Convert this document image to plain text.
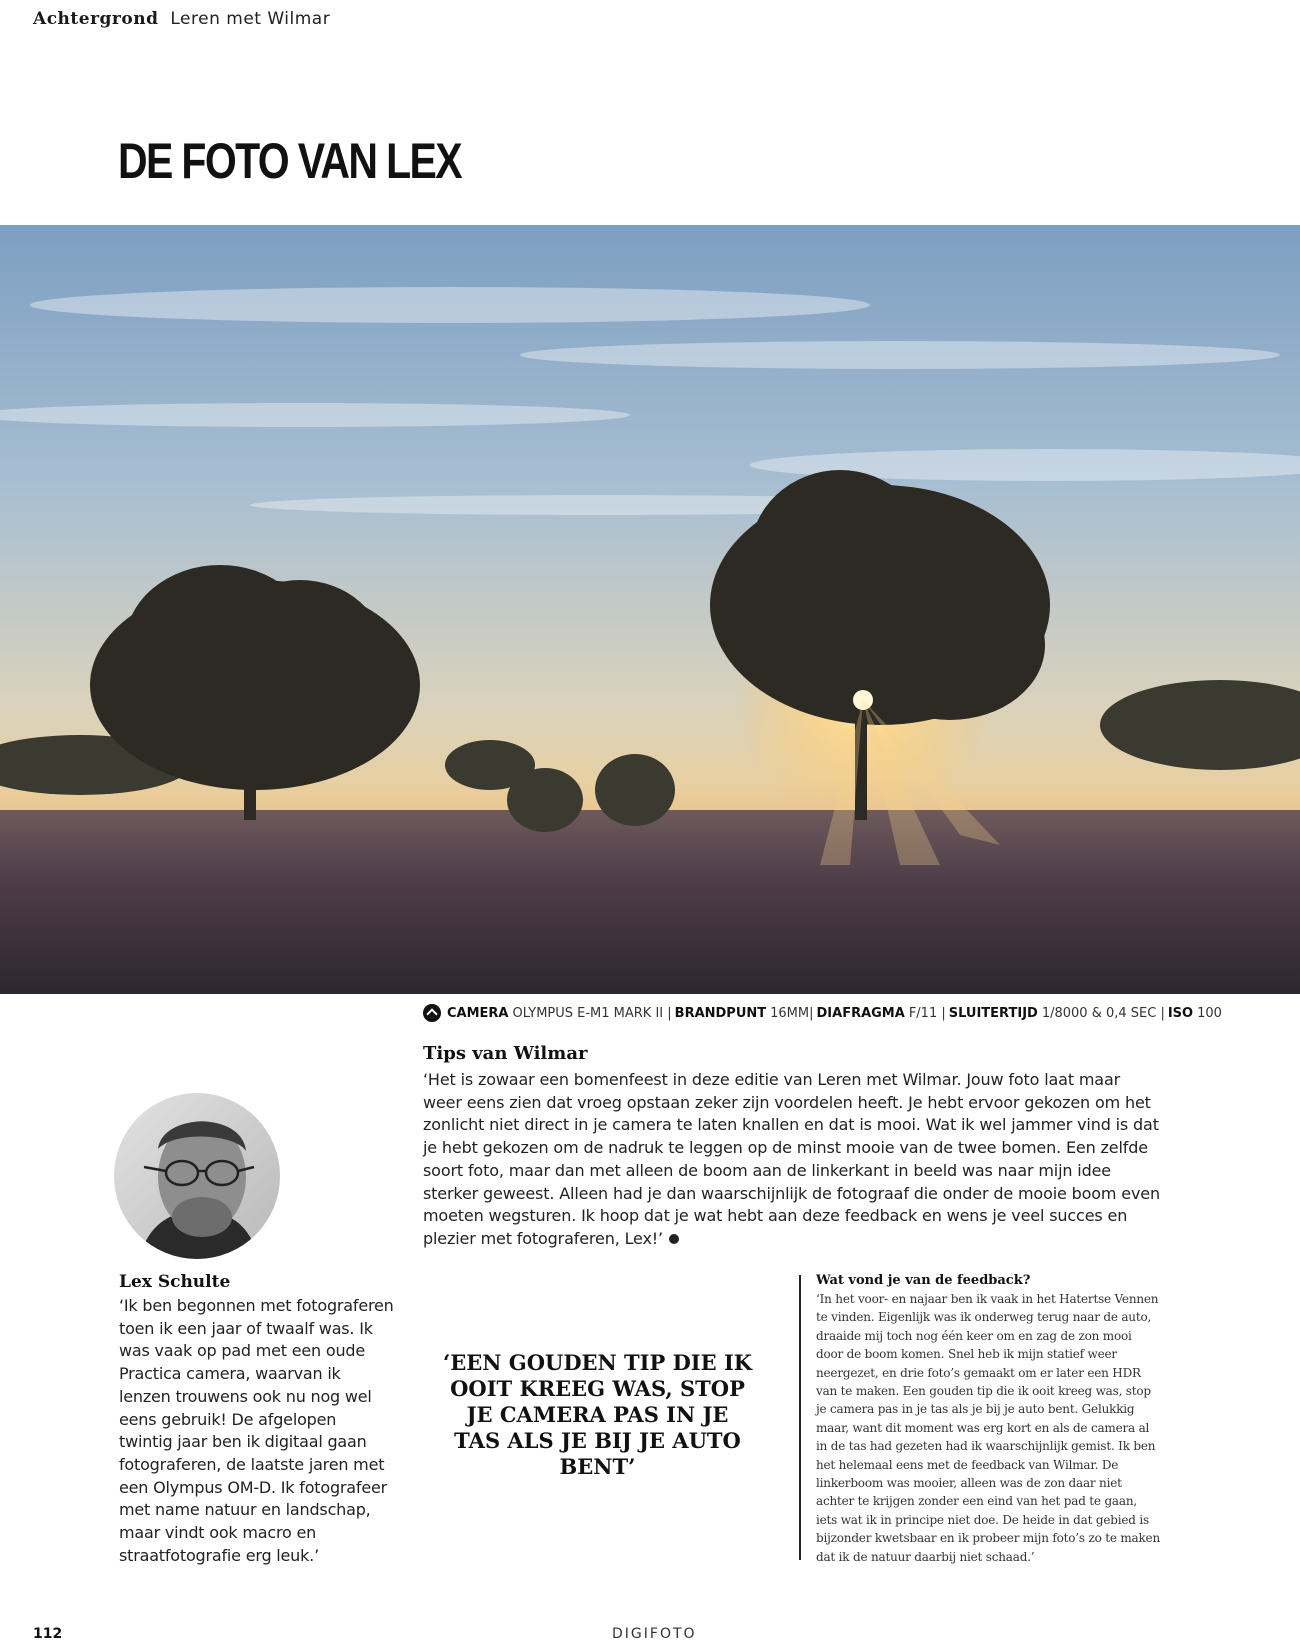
Achtergrond Leren met Wilmar
DE FOTO VAN LEX
CAMERA OLYMPUS E-M1 MARK II | BRANDPUNT 16MM| DIAFRAGMA F/11 | SLUITERTIJD 1/8000 & 0,4 SEC | ISO 100
Tips van Wilmar

‘Het is zowaar een bomenfeest in deze editie van Leren met Wilmar. Jouw foto laat maar weer eens zien dat vroeg opstaan zeker zijn voordelen heeft. Je hebt ervoor gekozen om het zonlicht niet direct in je camera te laten knallen en dat is mooi. Wat ik wel jammer vind is dat je hebt gekozen om de nadruk te leggen op de minst mooie van de twee bomen. Een zelfde soort foto, maar dan met alleen de boom aan de linkerkant in beeld was naar mijn idee sterker geweest. Alleen had je dan waarschijnlijk de fotograaf die onder de mooie boom even moeten wegsturen. Ik hoop dat je wat hebt aan deze feedback en wens je veel succes en plezier met fotograferen, Lex!’

Lex Schulte

‘Ik ben begonnen met fotograferen toen ik een jaar of twaalf was. Ik was vaak op pad met een oude Practica camera, waarvan ik lenzen trouwens ook nu nog wel eens gebruik! De afgelopen twintig jaar ben ik digitaal gaan fotograferen, de laatste jaren met een Olympus OM-D. Ik fotografeer met name natuur en landschap, maar vindt ook macro en straatfotografie erg leuk.’

‘EEN GOUDEN TIP DIE IK OOIT KREEG WAS, STOP JE CAMERA PAS IN JE TAS ALS JE BIJ JE AUTO BENT’

Wat vond je van de feedback?

‘In het voor- en najaar ben ik vaak in het Hatertse Vennen te vinden. Eigenlijk was ik onderweg terug naar de auto, draaide mij toch nog één keer om en zag de zon mooi door de boom komen. Snel heb ik mijn statief weer neergezet, en drie foto’s gemaakt om er later een HDR van te maken. Een gouden tip die ik ooit kreeg was, stop je camera pas in je tas als je bij je auto bent. Gelukkig maar, want dit moment was erg kort en als de camera al in de tas had gezeten had ik waarschijnlijk gemist. Ik ben het helemaal eens met de feedback van Wilmar. De linkerboom was mooier, alleen was de zon daar niet achter te krijgen zonder een eind van het pad te gaan, iets wat ik in principe niet doe. De heide in dat gebied is bijzonder kwetsbaar en ik probeer mijn foto’s zo te maken dat ik de natuur daarbij niet schaad.’

112	DIGIFOTO
